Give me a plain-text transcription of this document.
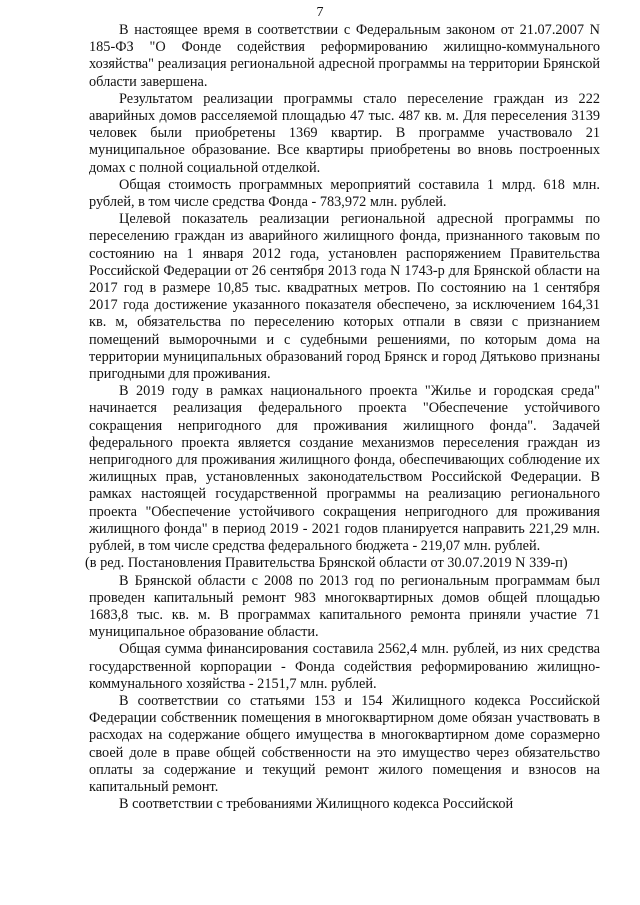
7

В настоящее время в соответствии с Федеральным законом от 21.07.2007 N 185-ФЗ "О Фонде содействия реформированию жилищно-коммунального хозяйства" реализация региональной адресной программы на территории Брянской области завершена.

Результатом реализации программы стало переселение граждан из 222 аварийных домов расселяемой площадью 47 тыс. 487 кв. м. Для переселения 3139 человек были приобретены 1369 квартир. В программе участвовало 21 муниципальное образование. Все квартиры приобретены во вновь построенных домах с полной социальной отделкой.

Общая стоимость программных мероприятий составила 1 млрд. 618 млн. рублей, в том числе средства Фонда - 783,972 млн. рублей.

Целевой показатель реализации региональной адресной программы по переселению граждан из аварийного жилищного фонда, признанного таковым по состоянию на 1 января 2012 года, установлен распоряжением Правительства Российской Федерации от 26 сентября 2013 года N 1743-р для Брянской области на 2017 год в размере 10,85 тыс. квадратных метров. По состоянию на 1 сентября 2017 года достижение указанного показателя обеспечено, за исключением 164,31 кв. м, обязательства по переселению которых отпали в связи с признанием помещений выморочными и с судебными решениями, по которым дома на территории муниципальных образований город Брянск и город Дятьково признаны пригодными для проживания.

В 2019 году в рамках национального проекта "Жилье и городская среда" начинается реализация федерального проекта "Обеспечение устойчивого сокращения непригодного для проживания жилищного фонда". Задачей федерального проекта является создание механизмов переселения граждан из непригодного для проживания жилищного фонда, обеспечивающих соблюдение их жилищных прав, установленных законодательством Российской Федерации. В рамках настоящей государственной программы на реализацию регионального проекта "Обеспечение устойчивого сокращения непригодного для проживания жилищного фонда" в период 2019 - 2021 годов планируется направить 221,29 млн. рублей, в том числе средства федерального бюджета - 219,07 млн. рублей.

(в ред. Постановления Правительства Брянской области от 30.07.2019 N 339-п)

В Брянской области с 2008 по 2013 год по региональным программам был проведен капитальный ремонт 983 многоквартирных домов общей площадью 1683,8 тыс. кв. м. В программах капитального ремонта приняли участие 71 муниципальное образование области.

Общая сумма финансирования составила 2562,4 млн. рублей, из них средства государственной корпорации - Фонда содействия реформированию жилищно-коммунального хозяйства - 2151,7 млн. рублей.

В соответствии со статьями 153 и 154 Жилищного кодекса Российской Федерации собственник помещения в многоквартирном доме обязан участвовать в расходах на содержание общего имущества в многоквартирном доме соразмерно своей доле в праве общей собственности на это имущество через обязательство оплаты за содержание и текущий ремонт жилого помещения и взносов на капитальный ремонт.

В соответствии с требованиями Жилищного кодекса Российской
